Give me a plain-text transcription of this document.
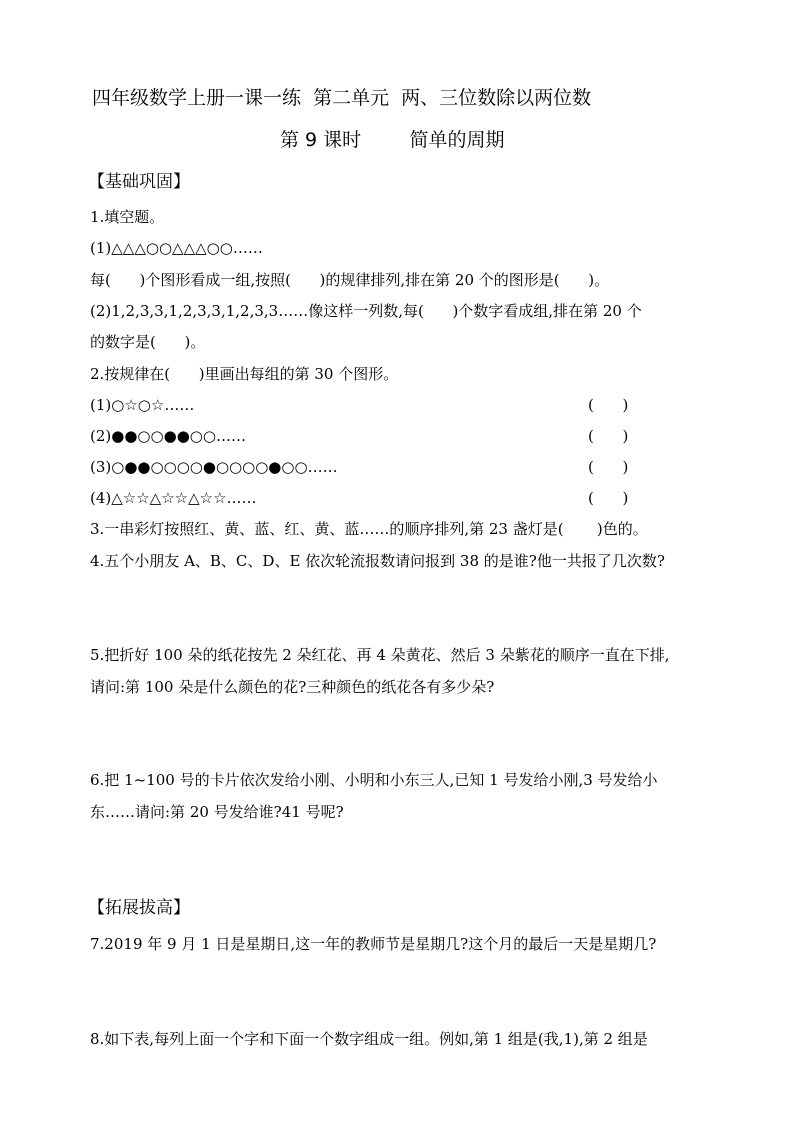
四年级数学上册一课一练  第二单元  两、三位数除以两位数
第 9 课时        简单的周期
【基础巩固】
1.填空题。
(1)△△△○○△△△○○……
每(      )个图形看成一组,按照(      )的规律排列,排在第 20 个的图形是(      )。
(2)1,2,3,3,1,2,3,3,1,2,3,3……像这样一列数,每(      )个数字看成组,排在第 20 个
的数字是(      )。
2.按规律在(      )里画出每组的第 30 个图形。
(1)○☆○☆……	(      )
(2)●●○○●●○○……	(      )
(3)○●●○○○○●○○○○●○○……	(      )
(4)△☆☆△☆☆△☆☆……	(      )
3.一串彩灯按照红、黄、蓝、红、黄、蓝……的顺序排列,第 23 盏灯是(       )色的。
4.五个小朋友 A、B、C、D、E 依次轮流报数请问报到 38 的是谁?他一共报了几次数?
5.把折好 100 朵的纸花按先 2 朵红花、再 4 朵黄花、然后 3 朵紫花的顺序一直在下排,
请问:第 100 朵是什么颜色的花?三种颜色的纸花各有多少朵?
6.把 1~100 号的卡片依次发给小刚、小明和小东三人,已知 1 号发给小刚,3 号发给小
东……请问:第 20 号发给谁?41 号呢?
【拓展拔高】
7.2019 年 9 月 1 日是星期日,这一年的教师节是星期几?这个月的最后一天是星期几?
8.如下表,每列上面一个字和下面一个数字组成一组。例如,第 1 组是(我,1),第 2 组是
